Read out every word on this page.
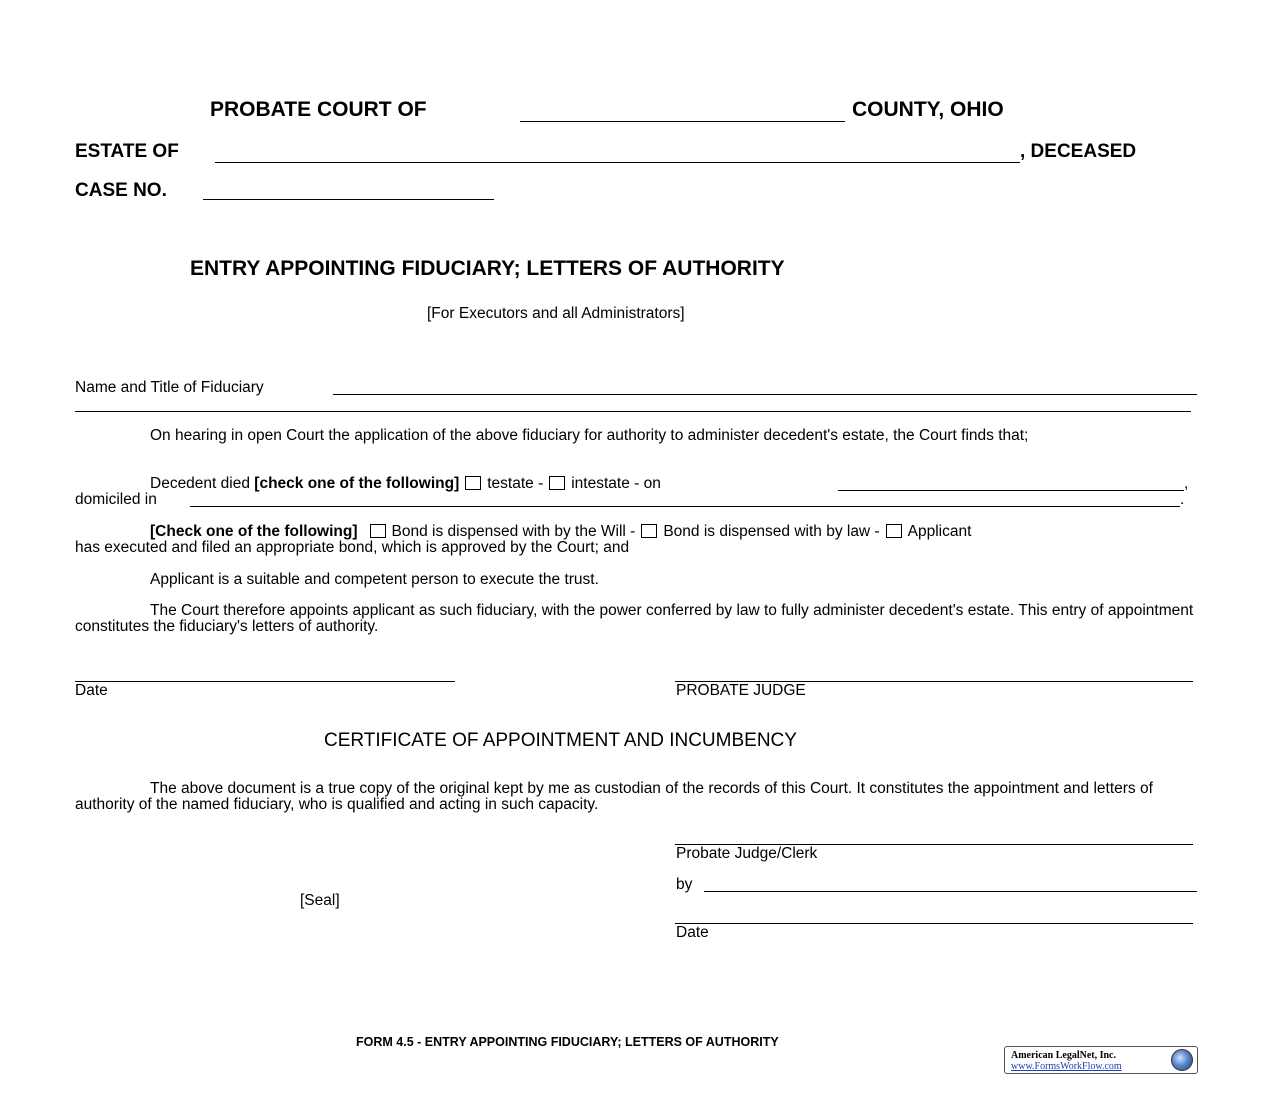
PROBATE COURT OF	COUNTY, OHIO
ESTATE OF	, DECEASED
CASE NO.
ENTRY APPOINTING FIDUCIARY; LETTERS OF AUTHORITY
[For Executors and all Administrators]
Name and Title of Fiduciary
On hearing in open Court the application of the above fiduciary for authority to administer decedent's estate, the Court finds that;
Decedent died [check one of the following] testate - intestate - on	,
domiciled in	.
[Check one of the following] Bond is dispensed with by the Will - Bond is dispensed with by law - Applicant
has executed and filed an appropriate bond, which is approved by the Court; and
Applicant is a suitable and competent person to execute the trust.
The Court therefore appoints applicant as such fiduciary, with the power conferred by law to fully administer decedent's estate. This entry of appointment constitutes the fiduciary's letters of authority.
Date	PROBATE JUDGE
CERTIFICATE OF APPOINTMENT AND INCUMBENCY
The above document is a true copy of the original kept by me as custodian of the records of this Court. It constitutes the appointment and letters of authority of the named fiduciary, who is qualified and acting in such capacity.
Probate Judge/Clerk
by
[Seal]
Date
FORM 4.5 - ENTRY APPOINTING FIDUCIARY; LETTERS OF AUTHORITY
American LegalNet, Inc.
www.FormsWorkFlow.com
